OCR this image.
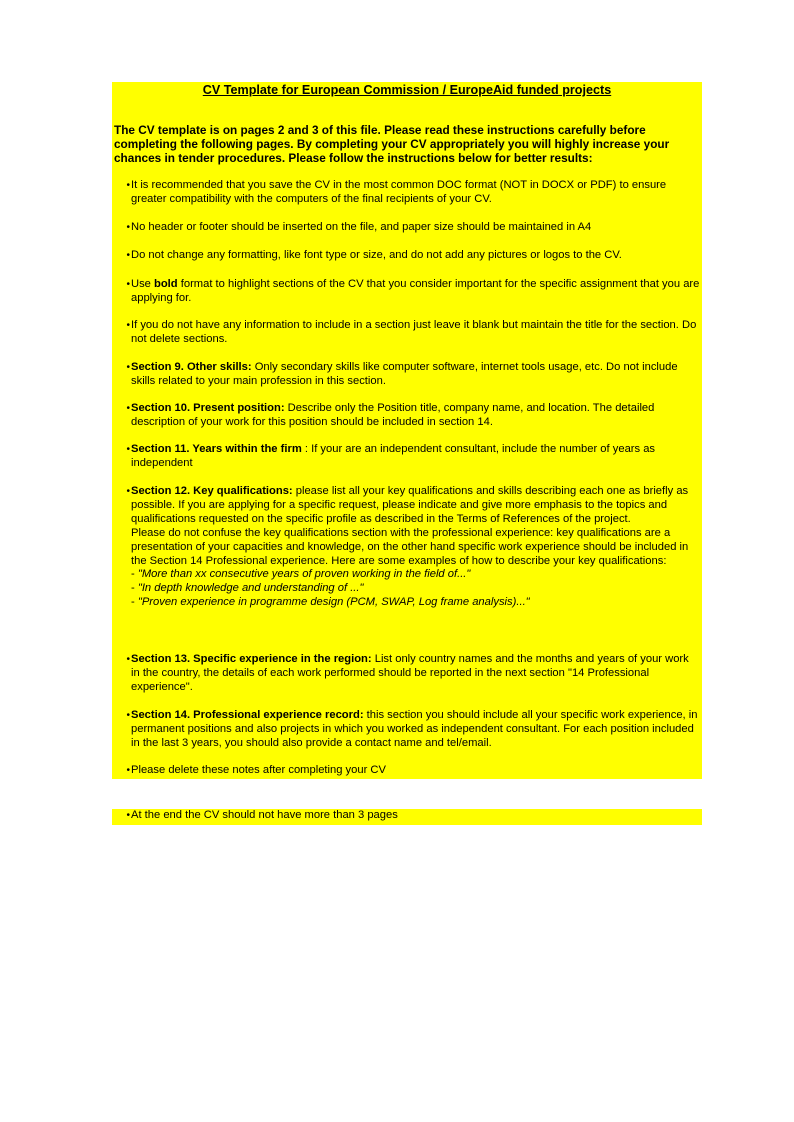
CV Template for European Commission / EuropeAid funded projects
The CV template is on pages 2 and 3 of this file. Please read these instructions carefully before completing the following pages. By completing your CV appropriately you will highly increase your chances in tender procedures. Please follow the instructions below for better results:
• It is recommended that you save the CV in the most common DOC format (NOT in DOCX or PDF) to ensure greater compatibility with the computers of the final recipients of your CV.
• No header or footer should be inserted on the file, and paper size should be maintained in A4
• Do not change any formatting, like font type or size, and do not add any pictures or logos to the CV.
• Use bold format to highlight sections of the CV that you consider important for the specific assignment that you are applying for.
• If you do not have any information to include in a section just leave it blank but maintain the title for the section. Do not delete sections.
• Section 9. Other skills: Only secondary skills like computer software, internet tools usage, etc. Do not include skills related to your main profession in this section.
• Section 10. Present position: Describe only the Position title, company name, and location. The detailed description of your work for this position should be included in section 14.
• Section 11. Years within the firm : If your are an independent consultant, include the number of years as independent
• Section 12. Key qualifications: please list all your key qualifications and skills describing each one as briefly as possible. If you are applying for a specific request, please indicate and give more emphasis to the topics and qualifications requested on the specific profile as described in the Terms of References of the project.
Please do not confuse the key qualifications section with the professional experience: key qualifications are a presentation of your capacities and knowledge, on the other hand specific work experience should be included in the Section 14 Professional experience. Here are some examples of how to describe your key qualifications:
- "More than xx consecutive years of proven working in the field of..."
- "In depth knowledge and understanding of ..."
- "Proven experience in programme design (PCM, SWAP, Log frame analysis)..."
• Section 13. Specific experience in the region: List only country names and the months and years of your work in the country, the details of each work performed should be reported in the next section "14 Professional experience".
• Section 14. Professional experience record: this section you should include all your specific work experience, in permanent positions and also projects in which you worked as independent consultant. For each position included in the last 3 years, you should also provide a contact name and tel/email.
• Please delete these notes after completing your CV
• At the end the CV should not have more than 3 pages
